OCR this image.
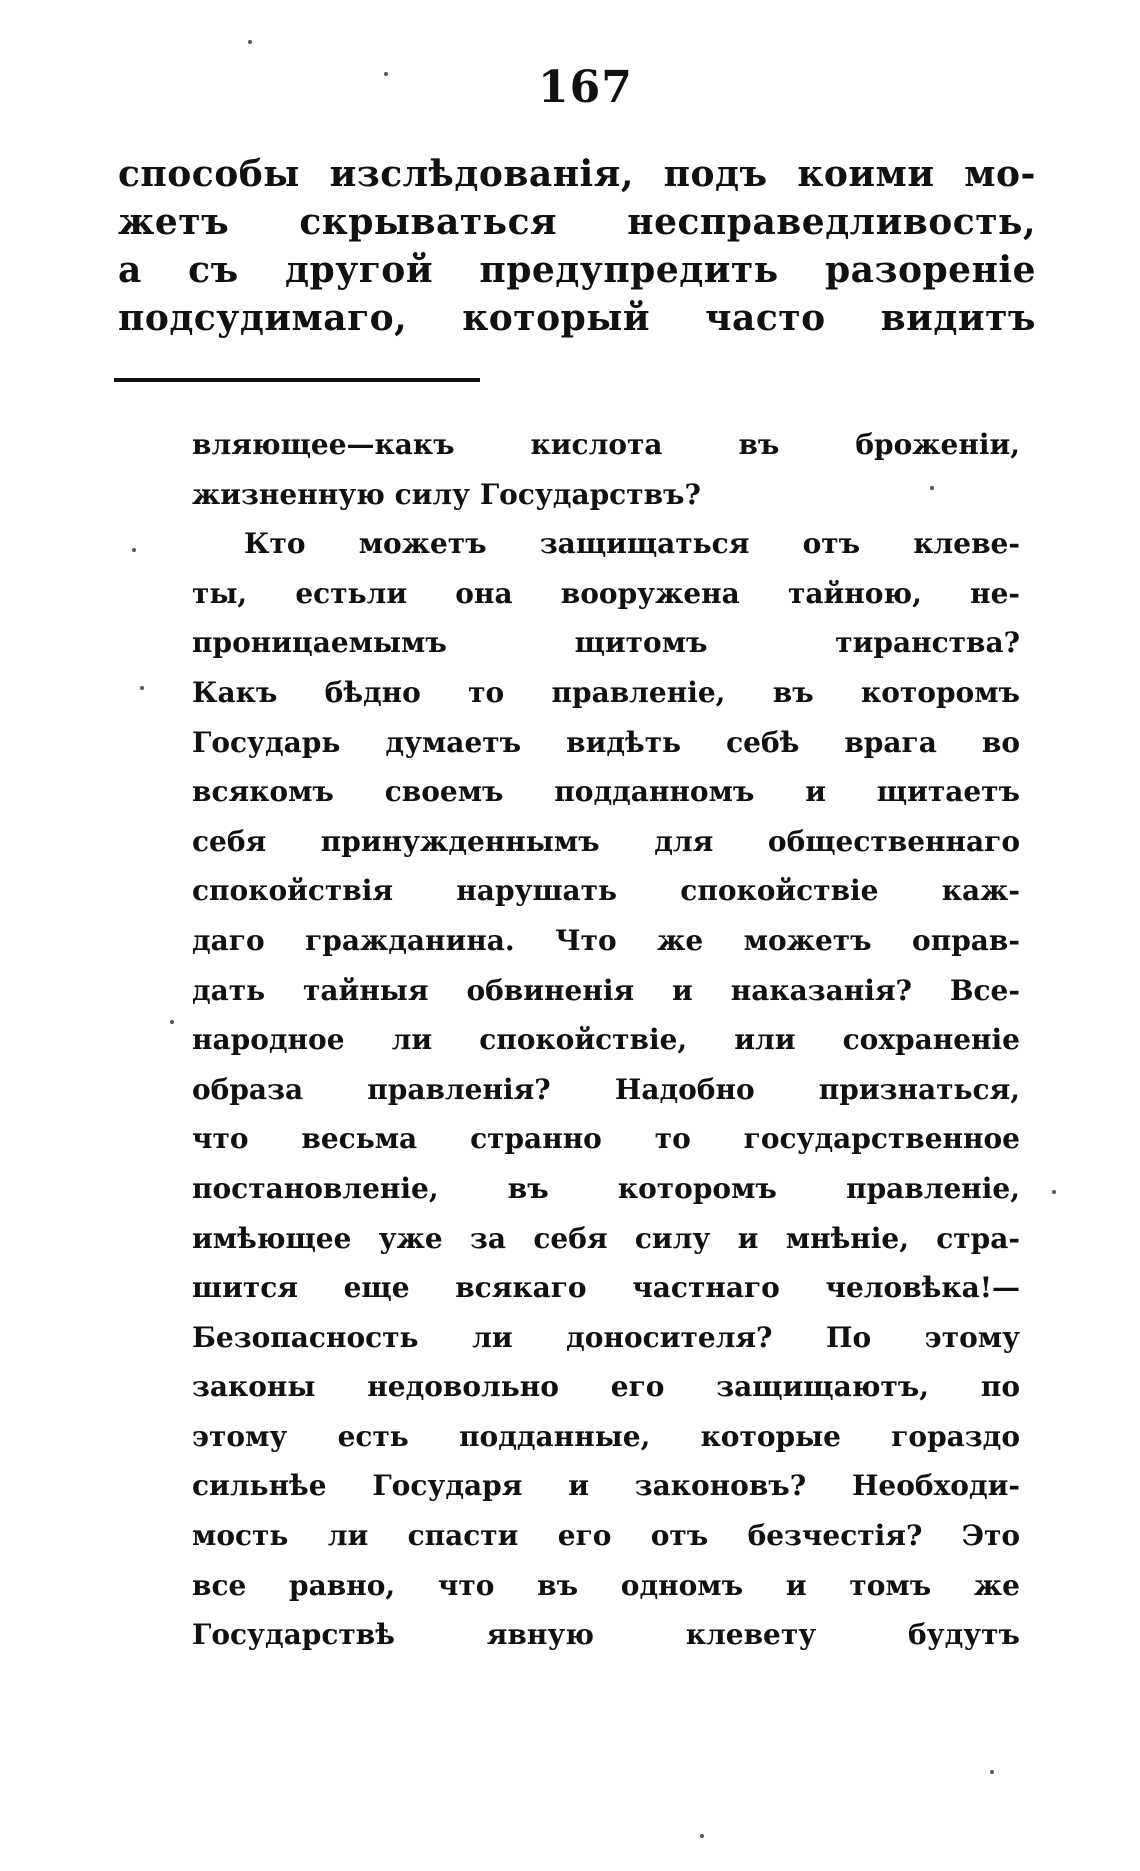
167
способы изслѣдованія, подъ коими мо-
жетъ скрываться несправедливость,
а съ другой предупредить разореніе
подсудимаго, который часто видитъ
вляющее—какъ кислота въ броженіи,
жизненную силу Государствъ?
Кто можетъ защищаться отъ клеве-
ты, естьли она вооружена тайною, не-
проницаемымъ щитомъ тиранства?
Какъ бѣдно то правленіе, въ которомъ
Государь думаетъ видѣть себѣ врага во
всякомъ своемъ подданномъ и щитаетъ
себя принужденнымъ для общественнаго
спокойствія нарушать спокойствіе каж-
даго гражданина. Что же можетъ оправ-
дать тайныя обвиненія и наказанія? Все-
народное ли спокойствіе, или сохраненіе
образа правленія? Надобно признаться,
что весьма странно то государственное
постановленіе, въ которомъ правленіе,
имѣющее уже за себя силу и мнѣніе, стра-
шится еще всякаго частнаго человѣка!—
Безопасность ли доносителя? По этому
законы недовольно его защищаютъ, по
этому есть подданные, которые гораздо
сильнѣе Государя и законовъ? Необходи-
мость ли спасти его отъ безчестія? Это
все равно, что въ одномъ и томъ же
Государствѣ явную клевету будутъ
